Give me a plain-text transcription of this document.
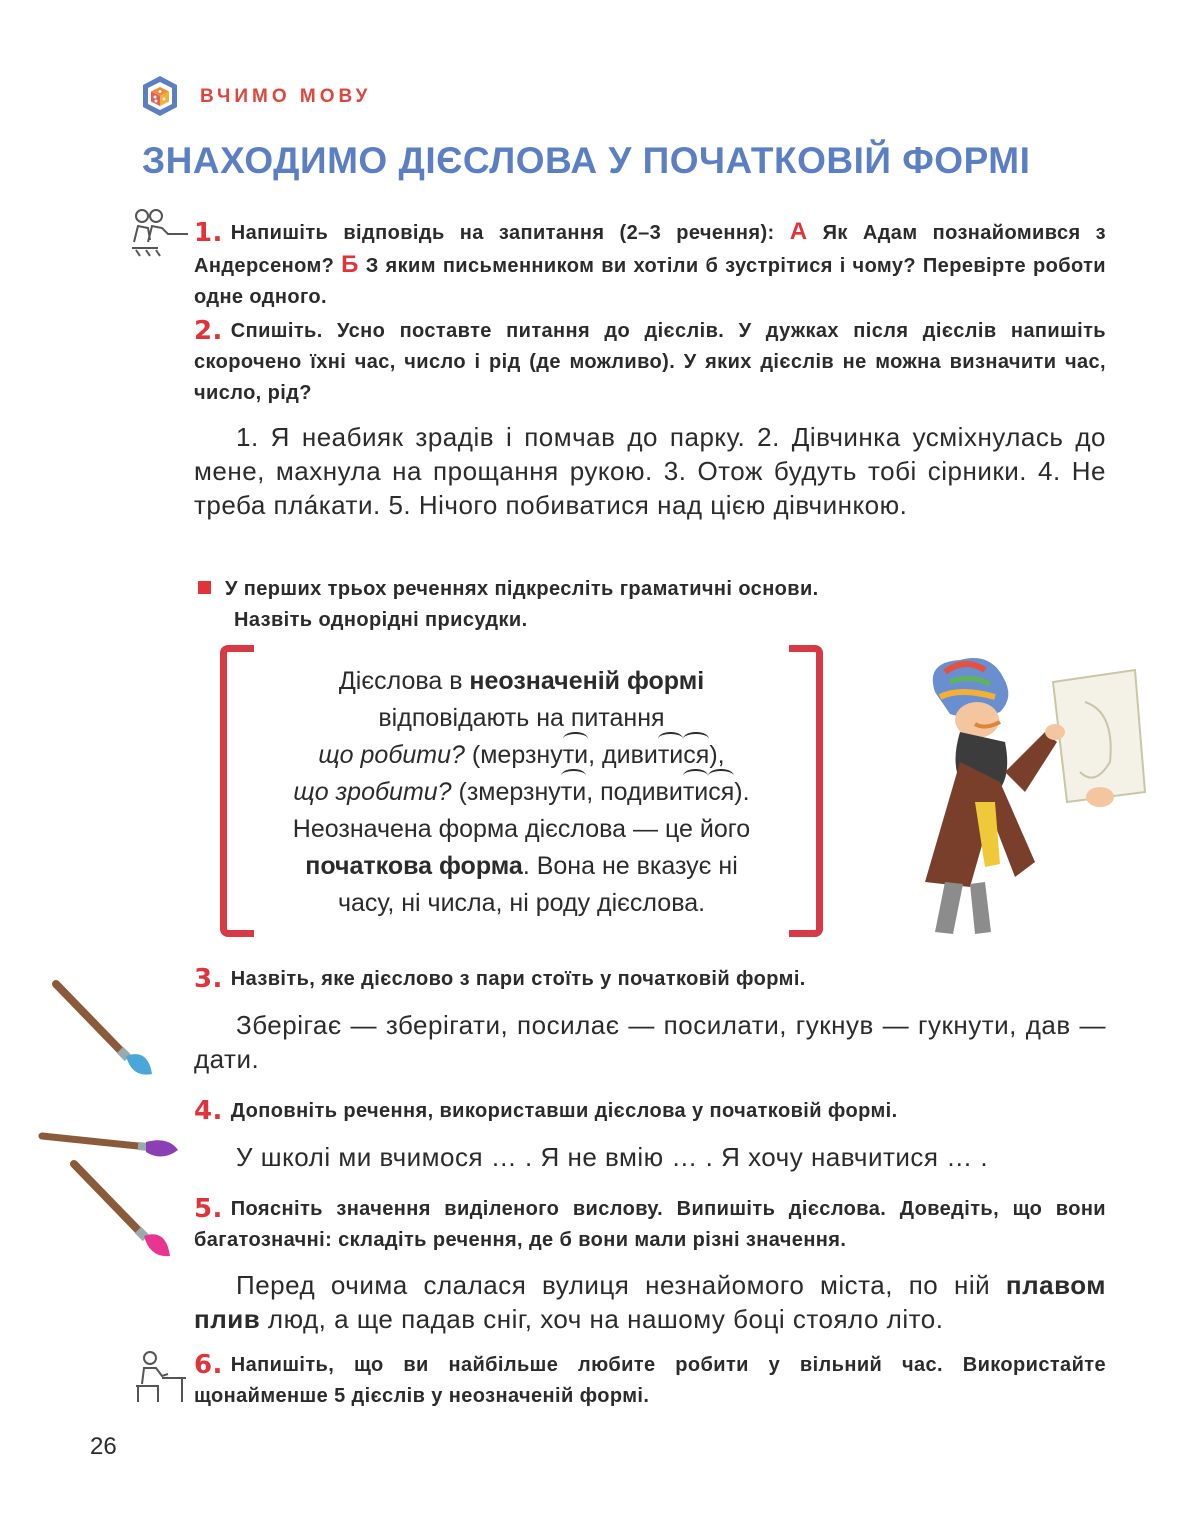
ВЧИМО МОВУ
ЗНАХОДИМО ДІЄСЛОВА У ПОЧАТКОВІЙ ФОРМІ
1. Напишіть відповідь на запитання (2–3 речення): А Як Адам познайомився з Андерсеном? Б З яким письменником ви хотіли б зустрітися і чому? Перевірте роботи одне одного.
2. Спишіть. Усно поставте питання до дієслів. У дужках після дієслів напишіть скорочено їхні час, число і рід (де можливо). У яких дієслів не можна визначити час, число, рід?
1. Я неабияк зрадів і помчав до парку. 2. Дівчинка усміхнулась до мене, махнула на прощання рукою. 3. Отож будуть тобі сірники. 4. Не треба плáкати. 5. Нічого побиватися над цією дівчинкою.
У перших трьох реченнях підкресліть граматичні основи.
Назвіть однорідні присудки.
Дієслова в неозначеній формі
відповідають на питання
що робити? (мерзнути, дивитися),
що зробити? (змерзнути, подивитися).
Неозначена форма дієслова — це його
початкова форма. Вона не вказує ні
часу, ні числа, ні роду дієслова.
3. Назвіть, яке дієслово з пари стоїть у початковій формі.
Зберігає — зберігати, посилає — посилати, гукнув — гукнути, дав — дати.
4. Доповніть речення, використавши дієслова у початковій формі.
У школі ми вчимося … . Я не вмію … . Я хочу навчитися … .
5. Поясніть значення виділеного вислову. Випишіть дієслова. Доведіть, що вони багатозначні: складіть речення, де б вони мали різні значення.
Перед очима слалася вулиця незнайомого міста, по ній плавом плив люд, а ще падав сніг, хоч на нашому боці стояло літо.
6. Напишіть, що ви найбільше любите робити у вільний час. Використайте щонайменше 5 дієслів у неозначеній формі.
26
